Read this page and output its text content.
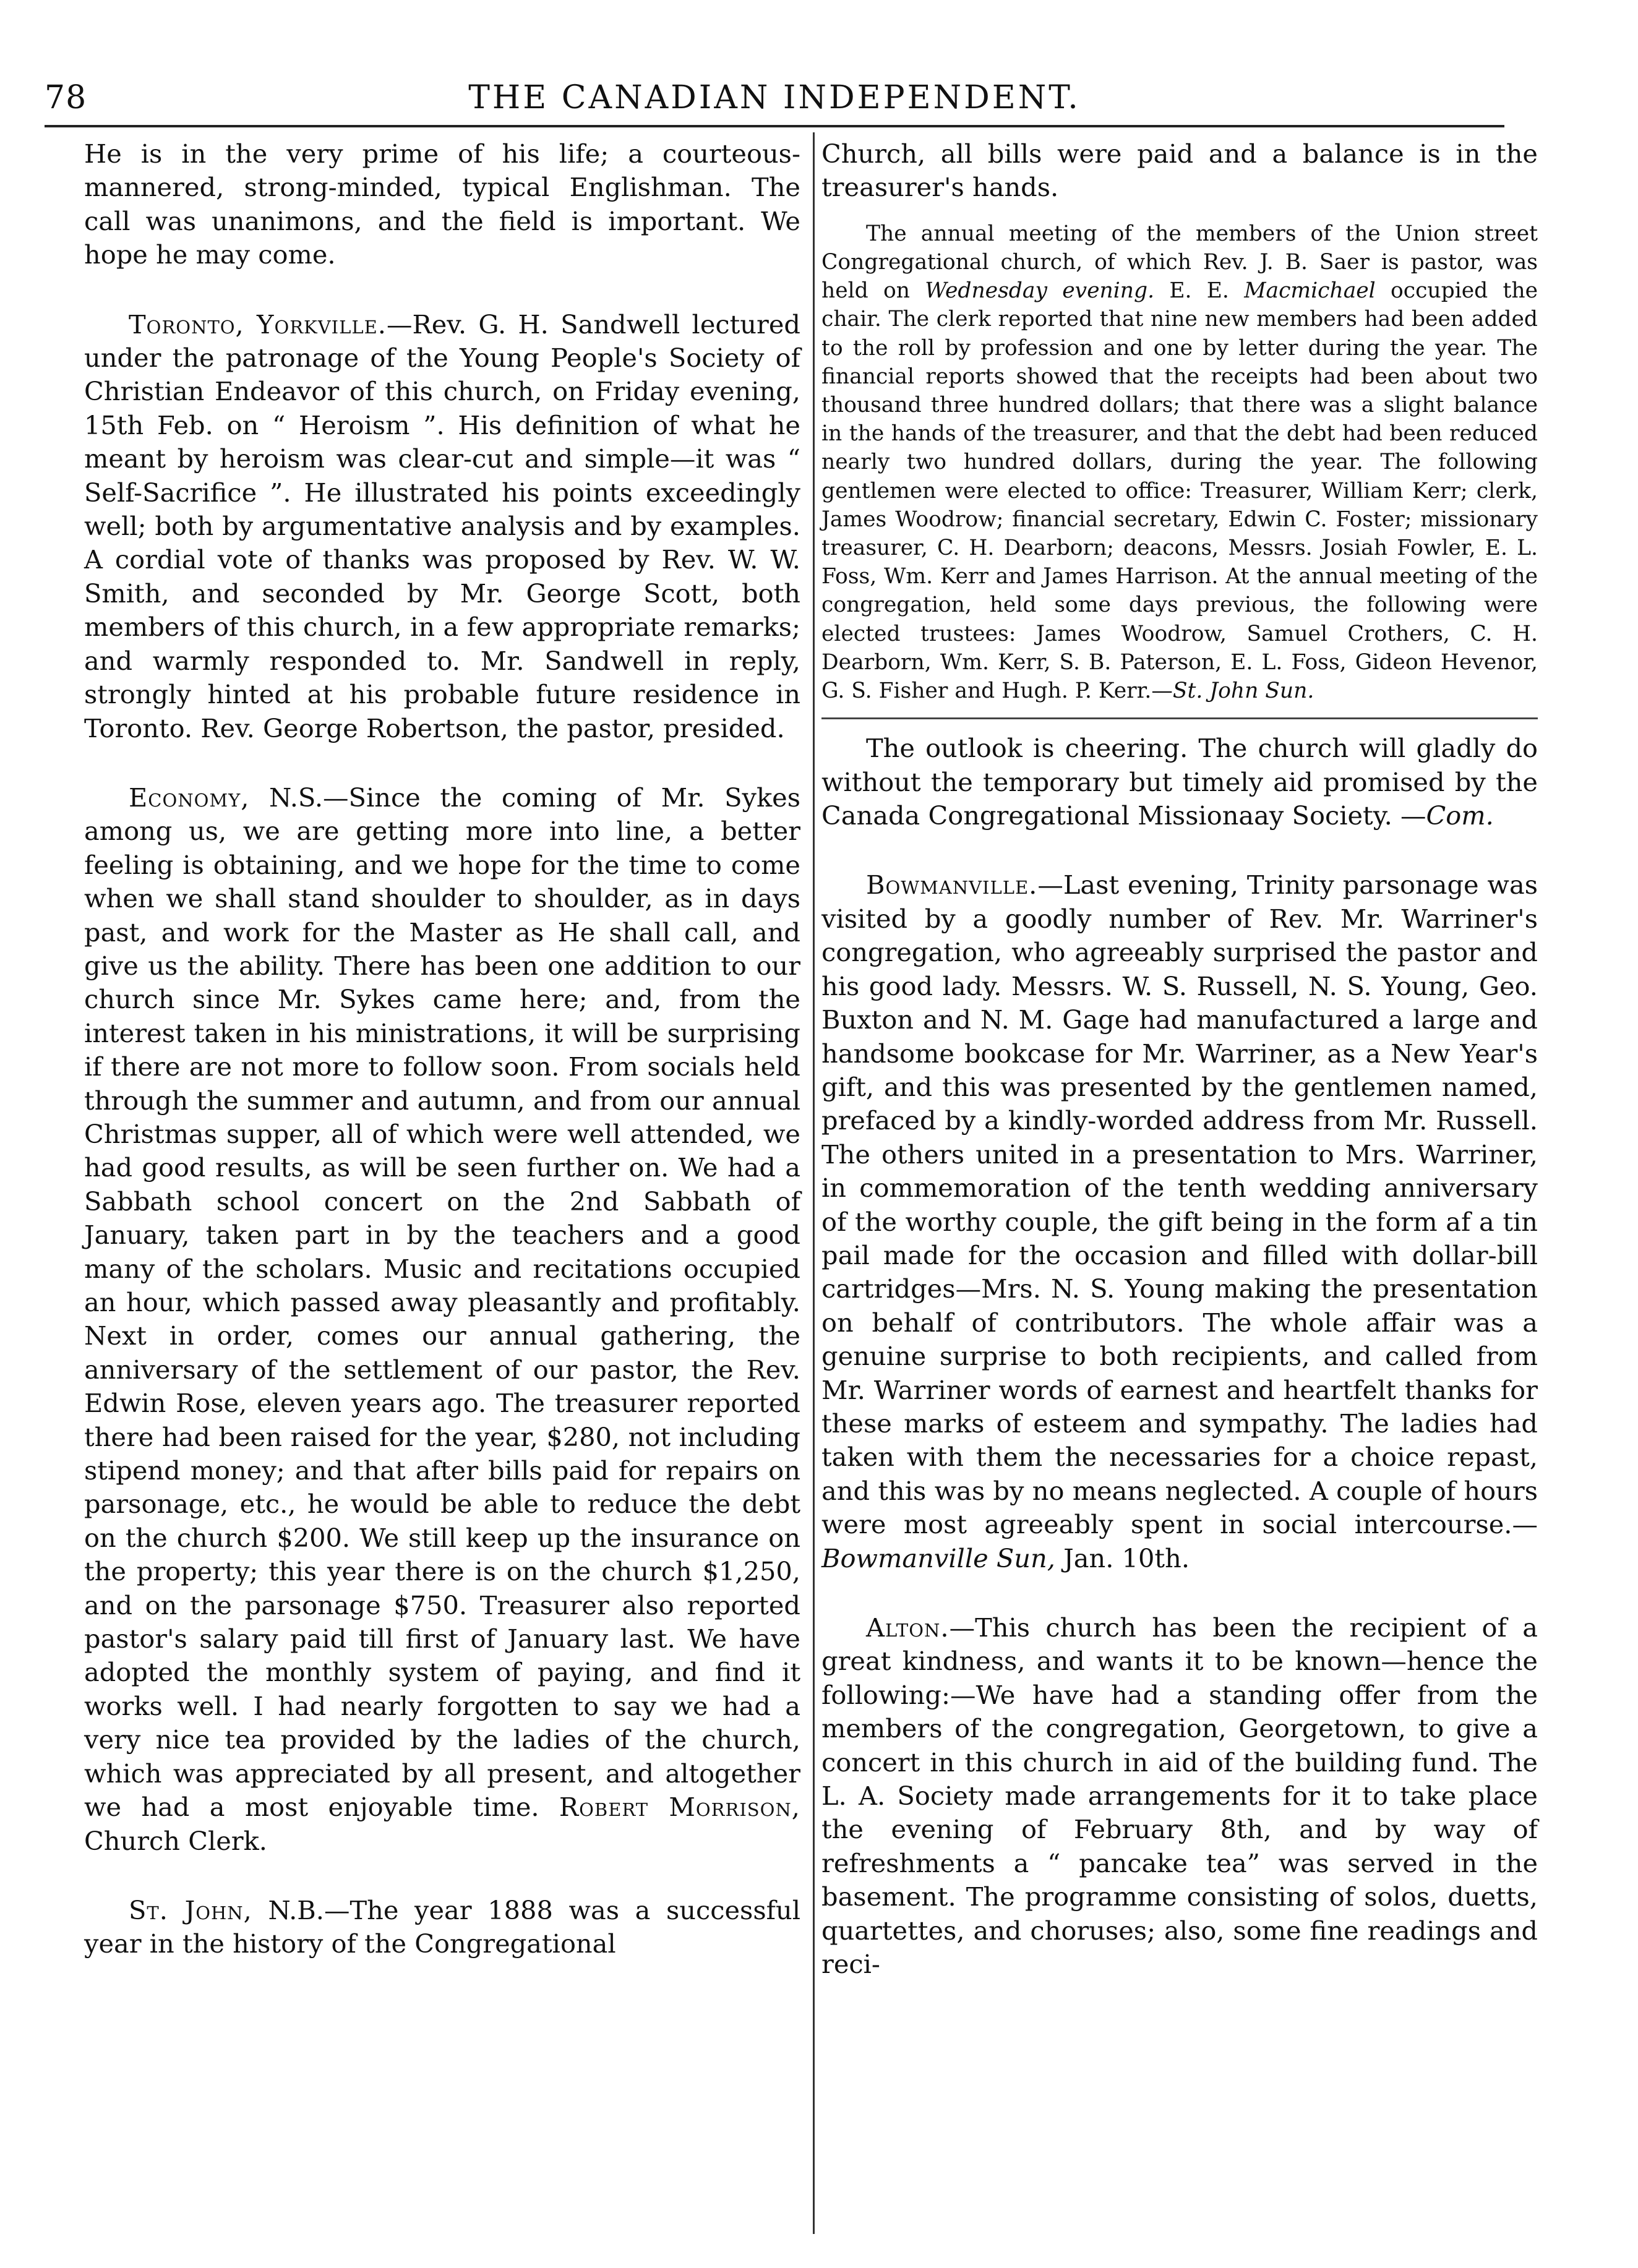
78	THE CANADIAN INDEPENDENT.

He is in the very prime of his life; a courteous-mannered, strong-minded, typical Englishman. The call was unanimons, and the field is important. We hope he may come.

Toronto, Yorkville.—Rev. G. H. Sandwell lectured under the patronage of the Young People's Society of Christian Endeavor of this church, on Friday evening, 15th Feb. on “ Heroism ”. His definition of what he meant by heroism was clear-cut and simple—it was “ Self-Sacrifice ”. He illustrated his points exceedingly well; both by argumentative analysis and by examples. A cordial vote of thanks was proposed by Rev. W. W. Smith, and seconded by Mr. George Scott, both members of this church, in a few appropriate remarks; and warmly responded to. Mr. Sandwell in reply, strongly hinted at his probable future residence in Toronto. Rev. George Robertson, the pastor, presided.

Economy, N.S.—Since the coming of Mr. Sykes among us, we are getting more into line, a better feeling is obtaining, and we hope for the time to come when we shall stand shoulder to shoulder, as in days past, and work for the Master as He shall call, and give us the ability. There has been one addition to our church since Mr. Sykes came here; and, from the interest taken in his ministrations, it will be surprising if there are not more to follow soon. From socials held through the summer and autumn, and from our annual Christmas supper, all of which were well attended, we had good results, as will be seen further on. We had a Sabbath school concert on the 2nd Sabbath of January, taken part in by the teachers and a good many of the scholars. Music and recitations occupied an hour, which passed away pleasantly and profitably. Next in order, comes our annual gathering, the anniversary of the settlement of our pastor, the Rev. Edwin Rose, eleven years ago. The treasurer reported there had been raised for the year, $280, not including stipend money; and that after bills paid for repairs on parsonage, etc., he would be able to reduce the debt on the church $200. We still keep up the insurance on the property; this year there is on the church $1,250, and on the parsonage $750. Treasurer also reported pastor's salary paid till first of January last. We have adopted the monthly system of paying, and find it works well. I had nearly forgotten to say we had a very nice tea provided by the ladies of the church, which was appreciated by all present, and altogether we had a most enjoyable time. Robert Morrison, Church Clerk.

St. John, N.B.—The year 1888 was a successful year in the history of the Congregational

Church, all bills were paid and a balance is in the treasurer's hands.

The annual meeting of the members of the Union street Congregational church, of which Rev. J. B. Saer is pastor, was held on Wednesday evening. E. E. Macmichael occupied the chair. The clerk reported that nine new members had been added to the roll by profession and one by letter during the year. The financial reports showed that the receipts had been about two thousand three hundred dollars; that there was a slight balance in the hands of the treasurer, and that the debt had been reduced nearly two hundred dollars, during the year. The following gentlemen were elected to office: Treasurer, William Kerr; clerk, James Woodrow; financial secretary, Edwin C. Foster; missionary treasurer, C. H. Dearborn; deacons, Messrs. Josiah Fowler, E. L. Foss, Wm. Kerr and James Harrison. At the annual meeting of the congregation, held some days previous, the following were elected trustees: James Woodrow, Samuel Crothers, C. H. Dearborn, Wm. Kerr, S. B. Paterson, E. L. Foss, Gideon Hevenor, G. S. Fisher and Hugh. P. Kerr.—St. John Sun.

The outlook is cheering. The church will gladly do without the temporary but timely aid promised by the Canada Congregational Missionaay Society. —Com.

Bowmanville.—Last evening, Trinity parsonage was visited by a goodly number of Rev. Mr. Warriner's congregation, who agreeably surprised the pastor and his good lady. Messrs. W. S. Russell, N. S. Young, Geo. Buxton and N. M. Gage had manufactured a large and handsome bookcase for Mr. Warriner, as a New Year's gift, and this was presented by the gentlemen named, prefaced by a kindly-worded address from Mr. Russell. The others united in a presentation to Mrs. Warriner, in commemoration of the tenth wedding anniversary of the worthy couple, the gift being in the form af a tin pail made for the occasion and filled with dollar-bill cartridges—Mrs. N. S. Young making the presentation on behalf of contributors. The whole affair was a genuine surprise to both recipients, and called from Mr. Warriner words of earnest and heartfelt thanks for these marks of esteem and sympathy. The ladies had taken with them the necessaries for a choice repast, and this was by no means neglected. A couple of hours were most agreeably spent in social intercourse.—Bowmanville Sun, Jan. 10th.

Alton.—This church has been the recipient of a great kindness, and wants it to be known—hence the following:—We have had a standing offer from the members of the congregation, Georgetown, to give a concert in this church in aid of the building fund. The L. A. Society made arrangements for it to take place the evening of February 8th, and by way of refreshments a “ pancake tea” was served in the basement. The programme consisting of solos, duetts, quartettes, and choruses; also, some fine readings and reci-
